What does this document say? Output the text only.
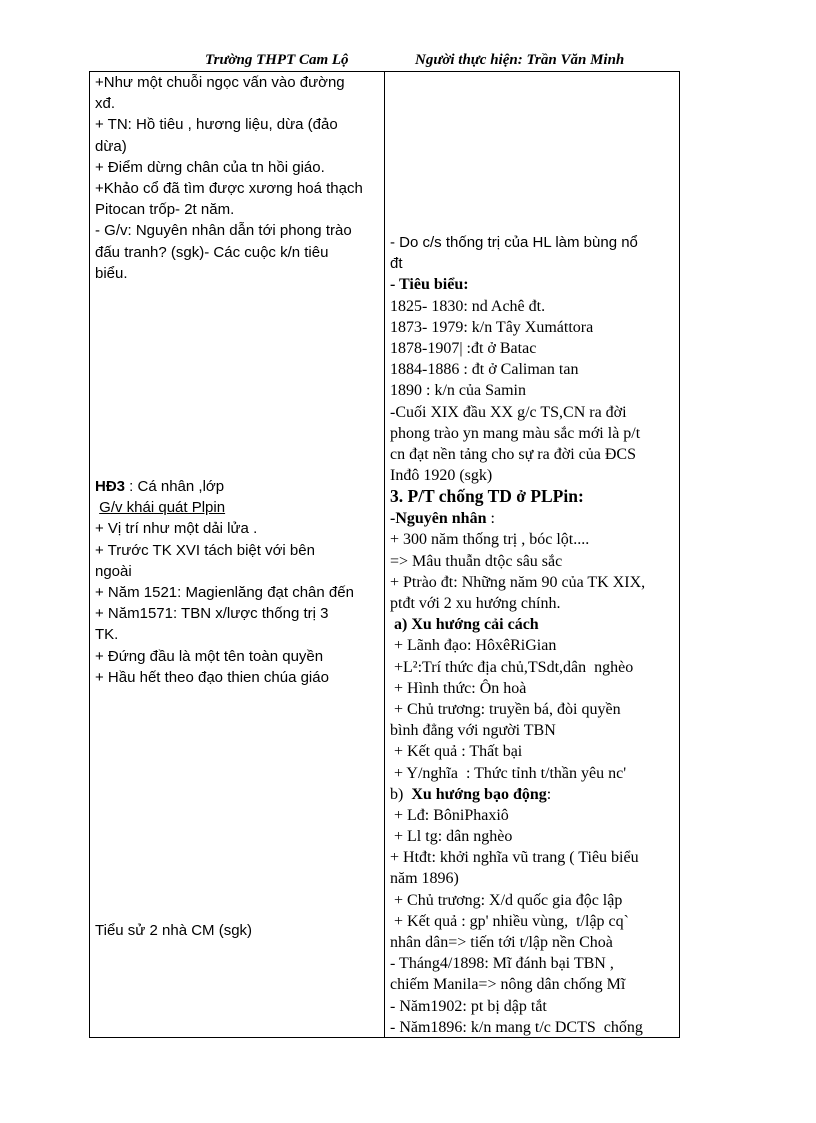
Trường THPT Cam Lộ	Người thực hiện: Trần Văn Minh
+Như một chuỗi ngọc vấn vào đường
xđ.
+ TN: Hồ tiêu , hương liệu, dừa (đảo
dừa)
+ Điểm dừng chân của tn hồi giáo.
+Khảo cổ đã tìm được xương hoá thạch
Pitocan trốp- 2t năm.
- G/v: Nguyên nhân dẫn tới phong trào
đấu tranh? (sgk)- Các cuộc k/n tiêu
biểu.
HĐ3 : Cá nhân ,lớp
G/v khái quát Plpin
+ Vị trí như một dải lửa .
+ Trước TK XVI tách biệt với bên
ngoài
+ Năm 1521: Magienlăng đạt chân đến
+ Năm1571: TBN x/lược thống trị 3
TK.
+ Đứng đầu là một tên toàn quyền
+ Hầu hết theo đạo thien chúa giáo
Tiểu sử 2 nhà CM (sgk)
- Do c/s thống trị của HL làm bùng nổ
đt
- Tiêu biểu:
1825- 1830: nd Achê đt.
1873- 1979: k/n Tây Xumáttora
1878-1907| :đt ở Batac
1884-1886 : đt ở Caliman tan
1890 : k/n của Samin
-Cuối XIX đầu XX g/c TS,CN ra đời
phong trào yn mang màu sắc mới là p/t
cn đạt nền tảng cho sự ra đời của ĐCS
Inđô 1920 (sgk)
3. P/T chống TD ở PLPin:
-Nguyên nhân :
+ 300 năm thống trị , bóc lột....
=> Mâu thuẫn dtộc sâu sắc
+ Ptrào đt: Những năm 90 của TK XIX,
ptđt với 2 xu hướng chính.
a) Xu hướng cải cách
+ Lãnh đạo: HôxêRiGian
+L²:Trí thức địa chủ,TSdt,dân  nghèo
+ Hình thức: Ôn hoà
+ Chủ trương: truyền bá, đòi quyền
bình đẳng với người TBN
+ Kết quả : Thất bại
+ Y/nghĩa  : Thức tỉnh t/thần yêu nc'
b)  Xu hướng bạo động:
+ Lđ: BôniPhaxiô
+ Ll tg: dân nghèo
+ Htđt: khởi nghĩa vũ trang ( Tiêu biểu
năm 1896)
+ Chủ trương: X/d quốc gia độc lập
+ Kết quả : gp' nhiều vùng,  t/lập cq`
nhân dân=> tiến tới t/lập nền Choà
- Tháng4/1898: Mĩ đánh bại TBN ,
chiếm Manila=> nông dân chống Mĩ
- Năm1902: pt bị dập tắt
- Năm1896: k/n mang t/c DCTS  chống
